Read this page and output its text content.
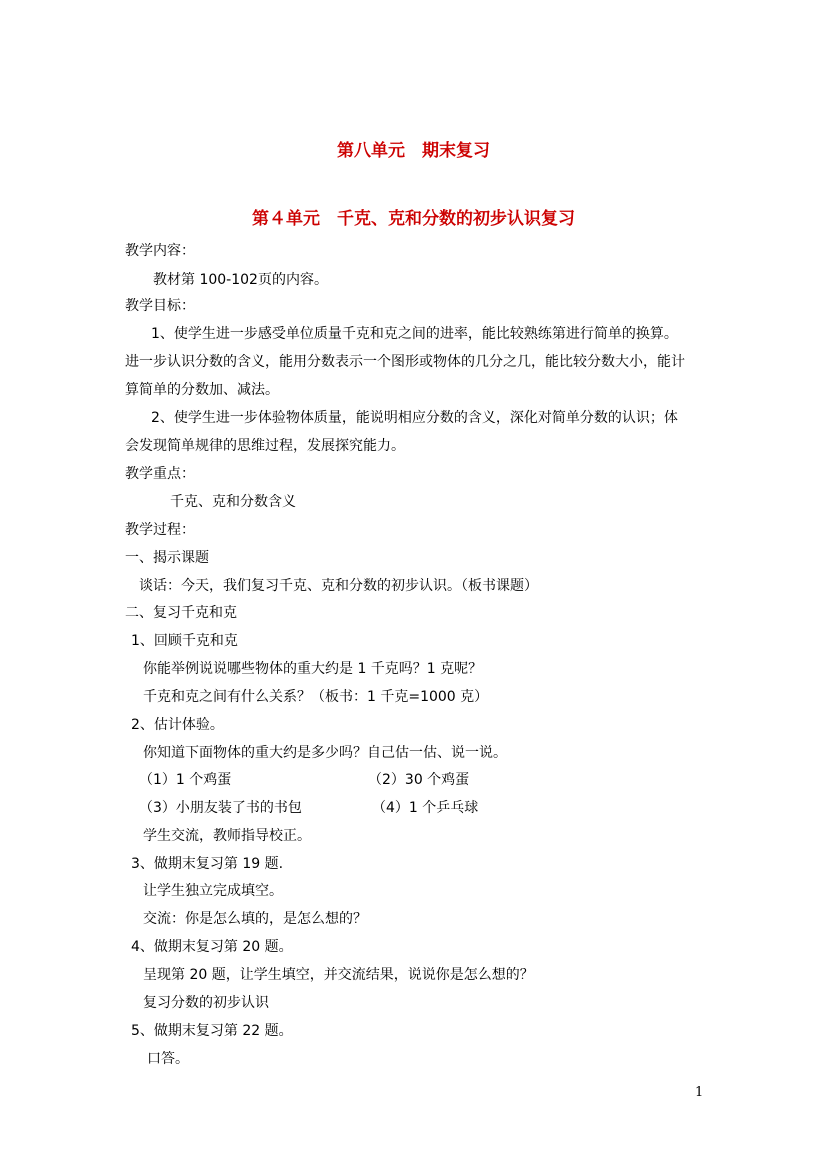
第八单元　期末复习
第４单元　千克、克和分数的初步认识复习
教学内容：
教材第 100-102页的内容。
教学目标：
1、使学生进一步感受单位质量千克和克之间的进率，能比较熟练第进行简单的换算。
进一步认识分数的含义，能用分数表示一个图形或物体的几分之几，能比较分数大小，能计
算简单的分数加、减法。
2、使学生进一步体验物体质量，能说明相应分数的含义，深化对简单分数的认识；体
会发现简单规律的思维过程，发展探究能力。
教学重点：
千克、克和分数含义
教学过程：
一、揭示课题
谈话：今天，我们复习千克、克和分数的初步认识。（板书课题）
二、复习千克和克
1、回顾千克和克
你能举例说说哪些物体的重大约是 1 千克吗？1 克呢？
千克和克之间有什么关系？（板书：1 千克=1000 克）
2、估计体验。
你知道下面物体的重大约是多少吗？自己估一估、说一说。
（1）1 个鸡蛋	（2）30 个鸡蛋
（3）小朋友装了书的书包	（4）1 个乒乓球
学生交流，教师指导校正。
3、做期末复习第 19 题.
让学生独立完成填空。
交流：你是怎么填的，是怎么想的？
4、做期末复习第 20 题。
呈现第 20 题，让学生填空，并交流结果，说说你是怎么想的？
复习分数的初步认识
5、做期末复习第 22 题。
口答。
1
